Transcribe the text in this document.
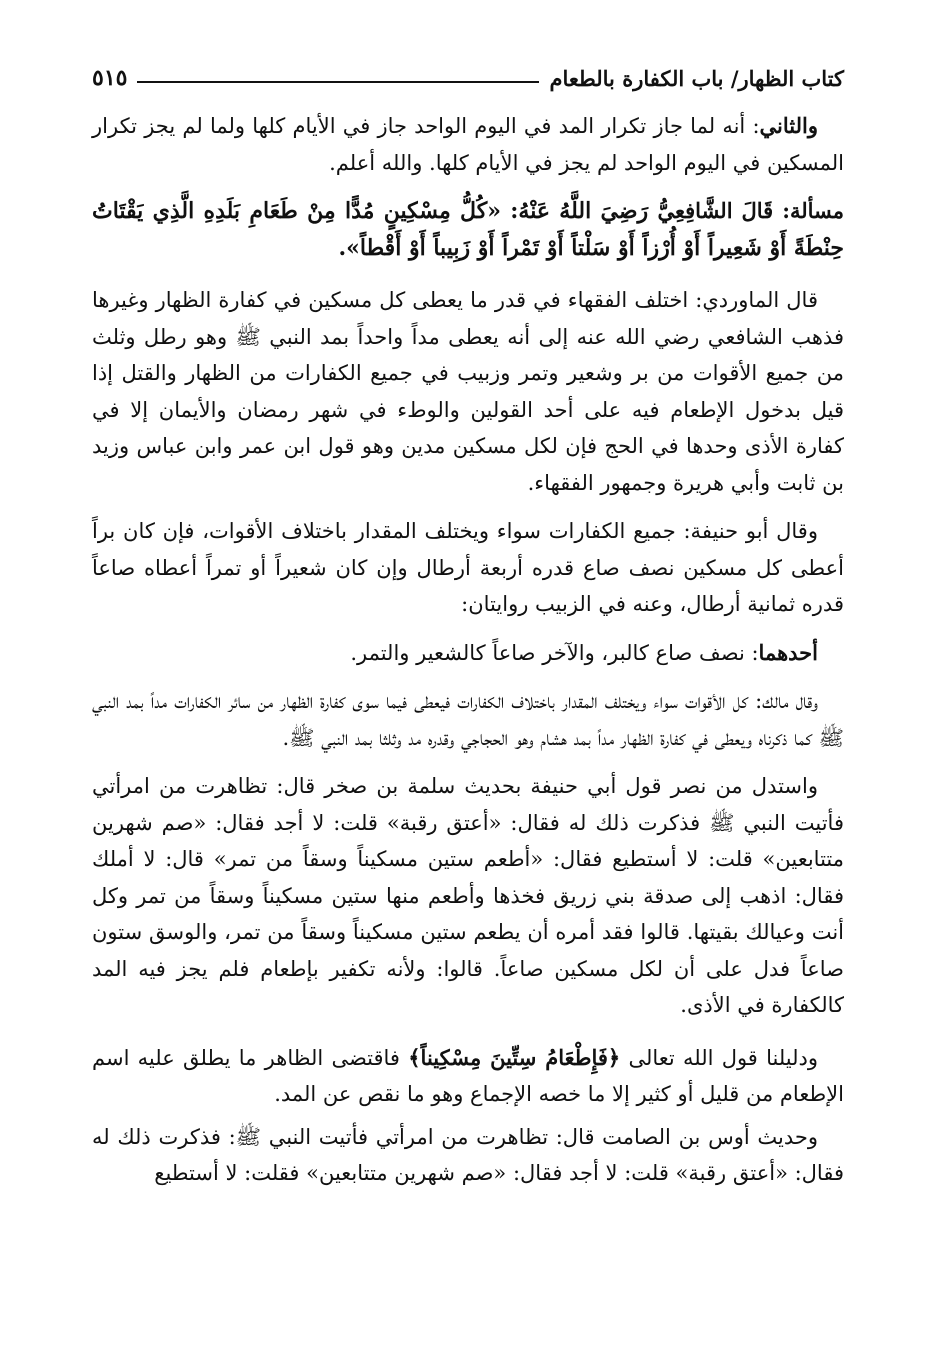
كتاب الظهار/ باب الكفارة بالطعام
٥١٥

والثاني: أنه لما جاز تكرار المد في اليوم الواحد جاز في الأيام كلها ولما لم يجز تكرار المسكين في اليوم الواحد لم يجز في الأيام كلها. والله أعلم.

مسألة: قَالَ الشَّافِعِيُّ رَضِيَ اللَّهُ عَنْهُ: «كُلُّ مِسْكِينٍ مُدًّا مِنْ طَعَامِ بَلَدِهِ الَّذِي يَقْتَاتُ حِنْطَةً أَوْ شَعِيراً أَوْ أُرْزاً أَوْ سَلْتاً أَوْ تَمْراً أَوْ زَبِيباً أَوْ أَقْطاً».

قال الماوردي: اختلف الفقهاء في قدر ما يعطى كل مسكين في كفارة الظهار وغيرها فذهب الشافعي رضي الله عنه إلى أنه يعطى مداً واحداً بمد النبي ﷺ وهو رطل وثلث من جميع الأقوات من بر وشعير وتمر وزبيب في جميع الكفارات من الظهار والقتل إذا قيل بدخول الإطعام فيه على أحد القولين والوطء في شهر رمضان والأيمان إلا في كفارة الأذى وحدها في الحج فإن لكل مسكين مدين وهو قول ابن عمر وابن عباس وزيد بن ثابت وأبي هريرة وجمهور الفقهاء.

وقال أبو حنيفة: جميع الكفارات سواء ويختلف المقدار باختلاف الأقوات، فإن كان براً أعطى كل مسكين نصف صاع قدره أربعة أرطال وإن كان شعيراً أو تمراً أعطاه صاعاً قدره ثمانية أرطال، وعنه في الزبيب روايتان:

أحدهما: نصف صاع كالبر، والآخر صاعاً كالشعير والتمر.

وقال مالك: كل الأقوات سواء ويختلف المقدار باختلاف الكفارات فيعطى فيما سوى كفارة الظهار من سائر الكفارات مداً بمد النبي ﷺ كما ذكرناه ويعطى في كفارة الظهار مداً بمد هشام وهو الحجاجي وقدره مد وثلثا بمد النبي ﷺ.

واستدل من نصر قول أبي حنيفة بحديث سلمة بن صخر قال: تظاهرت من امرأتي فأتيت النبي ﷺ فذكرت ذلك له فقال: «أعتق رقبة» قلت: لا أجد فقال: «صم شهرين متتابعين» قلت: لا أستطيع فقال: «أطعم ستين مسكيناً وسقاً من تمر» قال: لا أملك فقال: اذهب إلى صدقة بني زريق فخذها وأطعم منها ستين مسكيناً وسقاً من تمر وكل أنت وعيالك بقيتها. قالوا فقد أمره أن يطعم ستين مسكيناً وسقاً من تمر، والوسق ستون صاعاً فدل على أن لكل مسكين صاعاً. قالوا: ولأنه تكفير بإطعام فلم يجز فيه المد كالكفارة في الأذى.

ودليلنا قول الله تعالى ﴿فَإِطْعَامُ سِتِّينَ مِسْكِيناً﴾ فاقتضى الظاهر ما يطلق عليه اسم الإطعام من قليل أو كثير إلا ما خصه الإجماع وهو ما نقص عن المد.

وحديث أوس بن الصامت قال: تظاهرت من امرأتي فأتيت النبي ﷺ: فذكرت ذلك له فقال: «أعتق رقبة» قلت: لا أجد فقال: «صم شهرين متتابعين» فقلت: لا أستطيع
